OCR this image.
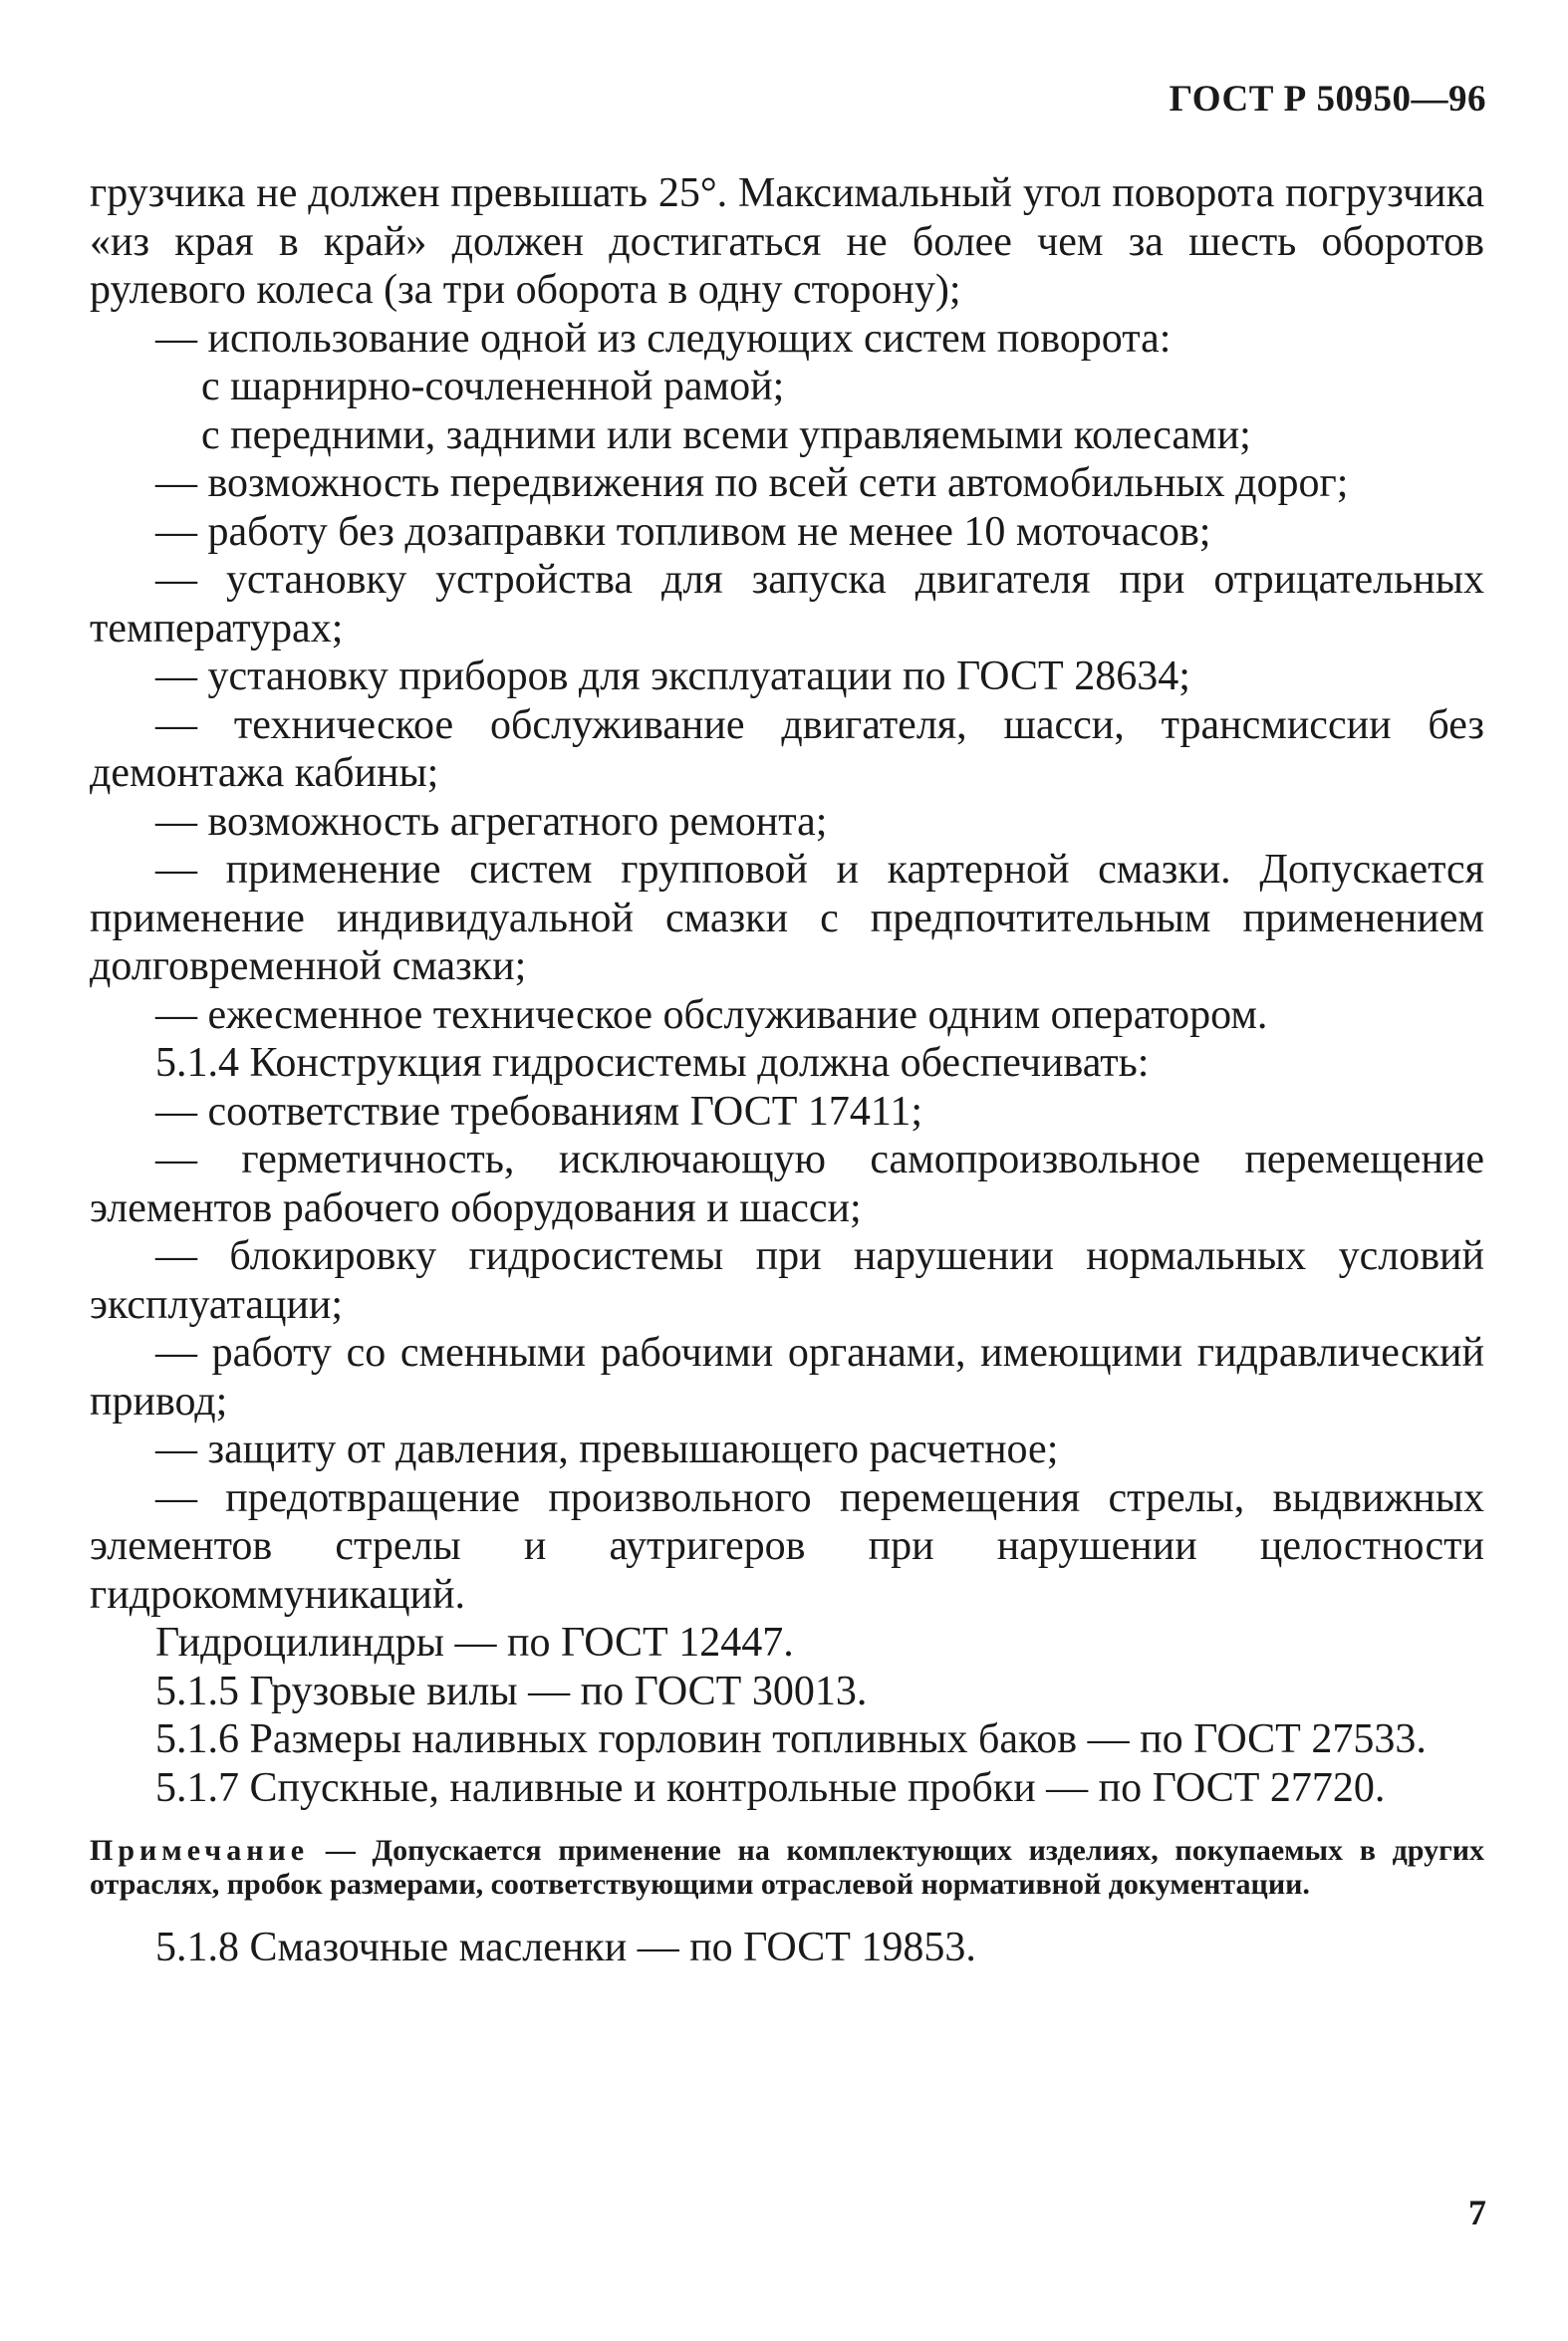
ГОСТ Р 50950—96

грузчика не должен превышать 25°. Максимальный угол поворота погрузчика «из края в край» должен достигаться не более чем за шесть оборотов рулевого колеса (за три оборота в одну сторону);

— использование одной из следующих систем поворота:

с шарнирно-сочлененной рамой;

с передними, задними или всеми управляемыми колесами;

— возможность передвижения по всей сети автомобильных дорог;

— работу без дозаправки топливом не менее 10 моточасов;

— установку устройства для запуска двигателя при отрицательных температурах;

— установку приборов для эксплуатации по ГОСТ 28634;

— техническое обслуживание двигателя, шасси, трансмиссии без демонтажа кабины;

— возможность агрегатного ремонта;

— применение систем групповой и картерной смазки. Допускается применение индивидуальной смазки с предпочтительным применением долговременной смазки;

— ежесменное техническое обслуживание одним оператором.

5.1.4 Конструкция гидросистемы должна обеспечивать:

— соответствие требованиям ГОСТ 17411;

— герметичность, исключающую самопроизвольное перемещение элементов рабочего оборудования и шасси;

— блокировку гидросистемы при нарушении нормальных условий эксплуатации;

— работу со сменными рабочими органами, имеющими гидравлический привод;

— защиту от давления, превышающего расчетное;

— предотвращение произвольного перемещения стрелы, выдвижных элементов стрелы и аутригеров при нарушении целостности гидрокоммуникаций.

Гидроцилиндры — по ГОСТ 12447.

5.1.5 Грузовые вилы — по ГОСТ 30013.

5.1.6 Размеры наливных горловин топливных баков — по ГОСТ 27533.

5.1.7 Спускные, наливные и контрольные пробки — по ГОСТ 27720.

Примечание — Допускается применение на комплектующих изделиях, покупаемых в других отраслях, пробок размерами, соответствующими отраслевой нормативной документации.

5.1.8 Смазочные масленки — по ГОСТ 19853.

7
